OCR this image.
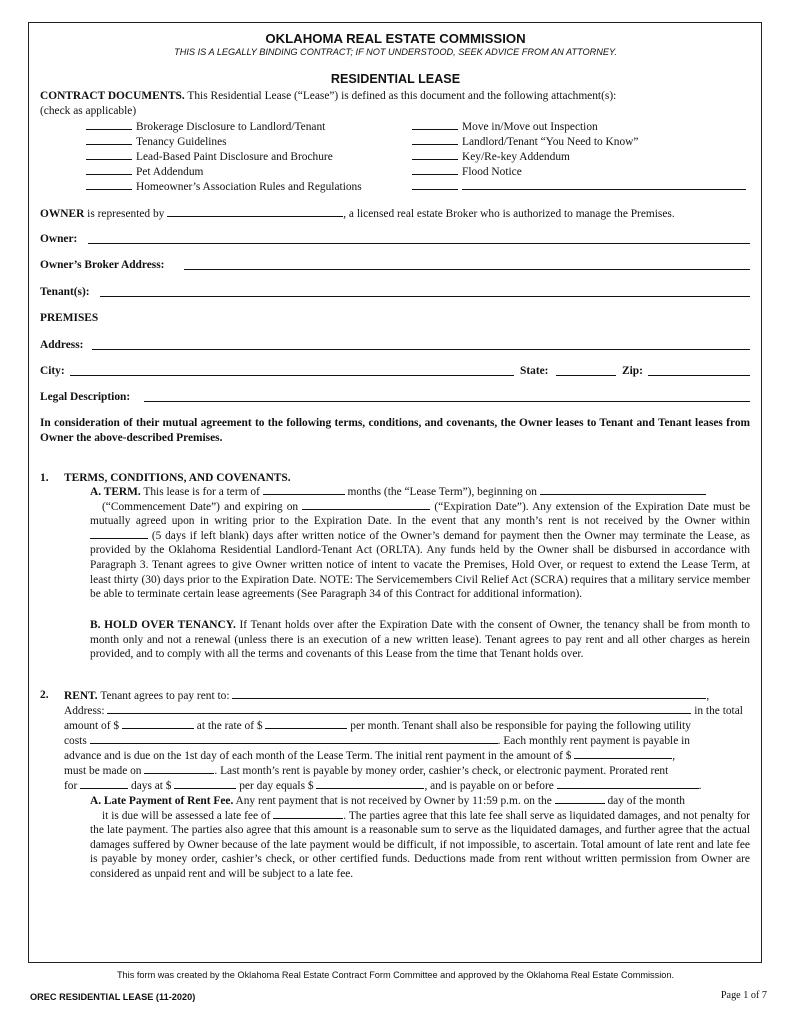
OKLAHOMA REAL ESTATE COMMISSION
THIS IS A LEGALLY BINDING CONTRACT; IF NOT UNDERSTOOD, SEEK ADVICE FROM AN ATTORNEY.
RESIDENTIAL LEASE
CONTRACT DOCUMENTS. This Residential Lease (“Lease”) is defined as this document and the following attachment(s):
(check as applicable)
Brokerage Disclosure to Landlord/Tenant
Tenancy Guidelines
Lead-Based Paint Disclosure and Brochure
Pet Addendum
Homeowner’s Association Rules and Regulations
Move in/Move out Inspection
Landlord/Tenant “You Need to Know”
Key/Re-key Addendum
Flood Notice
OWNER is represented by	, a licensed real estate Broker who is authorized to manage the Premises.
Owner:
Owner’s Broker Address:
Tenant(s):
PREMISES
Address:
City:	State:	Zip:
Legal Description:
In consideration of their mutual agreement to the following terms, conditions, and covenants, the Owner leases to Tenant and Tenant leases from Owner the above-described Premises.
1. TERMS, CONDITIONS, AND COVENANTS.
A. TERM. This lease is for a term of	months (the “Lease Term”), beginning on
(“Commencement Date”) and expiring on	(“Expiration Date”). Any extension of the Expiration Date must be mutually agreed upon in writing prior to the Expiration Date. In the event that any month’s rent is not received by the Owner within  (5 days if left blank) days after written notice of the Owner’s demand for payment then the Owner may terminate the Lease, as provided by the Oklahoma Residential Landlord-Tenant Act (ORLTA). Any funds held by the Owner shall be disbursed in accordance with Paragraph 3. Tenant agrees to give Owner written notice of intent to vacate the Premises, Hold Over, or request to extend the Lease Term, at least thirty (30) days prior to the Expiration Date. NOTE: The Servicemembers Civil Relief Act (SCRA) requires that a military service member be able to terminate certain lease agreements (See Paragraph 34 of this Contract for additional information).
B. HOLD OVER TENANCY. If Tenant holds over after the Expiration Date with the consent of Owner, the tenancy shall be from month to month only and not a renewal (unless there is an execution of a new written lease). Tenant agrees to pay rent and all other charges as herein provided, and to comply with all the terms and covenants of this Lease from the time that Tenant holds over.
2. RENT. Tenant agrees to pay rent to:	,
Address:	in the total
amount of $	at the rate of $	per month. Tenant shall also be responsible for paying the following utility
costs	. Each monthly rent payment is payable in
advance and is due on the 1st day of each month of the Lease Term. The initial rent payment in the amount of $	,
must be made on	. Last month’s rent is payable by money order, cashier’s check, or electronic payment. Prorated rent
for	days at $	per day equals $	, and is payable on or before	.
A. Late Payment of Rent Fee. Any rent payment that is not received by Owner by 11:59 p.m. on the	day of the month
it is due will be assessed a late fee of	. The parties agree that this late fee shall serve as liquidated damages, and not penalty for the late payment. The parties also agree that this amount is a reasonable sum to serve as the liquidated damages, and further agree that the actual damages suffered by Owner because of the late payment would be difficult, if not impossible, to ascertain. Total amount of late rent and late fee is payable by money order, cashier’s check, or other certified funds. Deductions made from rent without written permission from Owner are considered as unpaid rent and will be subject to a late fee.
This form was created by the Oklahoma Real Estate Contract Form Committee and approved by the Oklahoma Real Estate Commission.
OREC RESIDENTIAL LEASE (11-2020)	Page 1 of 7
